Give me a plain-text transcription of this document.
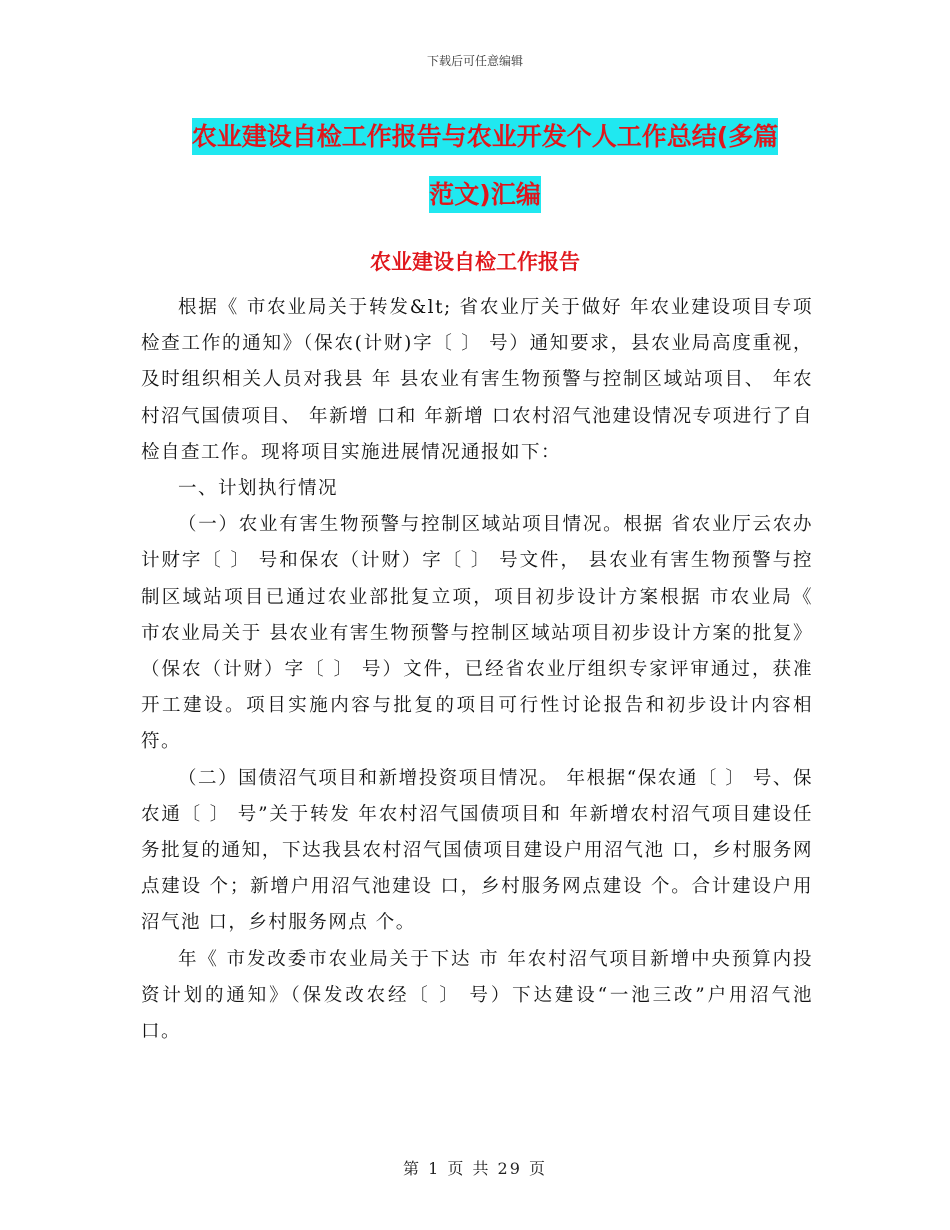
下载后可任意编辑
农业建设自检工作报告与农业开发个人工作总结(多篇
范文)汇编
农业建设自检工作报告

根据《 市农业局关于转发&lt; 省农业厅关于做好 年农业建设项目专项检查工作的通知》（保农(计财)字〔 〕 号）通知要求，县农业局高度重视，及时组织相关人员对我县 年 县农业有害生物预警与控制区域站项目、 年农村沼气国债项目、 年新增 口和 年新增 口农村沼气池建设情况专项进行了自检自查工作。现将项目实施进展情况通报如下：

一、计划执行情况

（一）农业有害生物预警与控制区域站项目情况。根据 省农业厅云农办计财字〔 〕 号和保农（计财）字〔 〕 号文件， 县农业有害生物预警与控制区域站项目已通过农业部批复立项，项目初步设计方案根据 市农业局《 市农业局关于 县农业有害生物预警与控制区域站项目初步设计方案的批复》（保农（计财）字〔 〕 号）文件，已经省农业厅组织专家评审通过，获准开工建设。项目实施内容与批复的项目可行性讨论报告和初步设计内容相符。

（二）国债沼气项目和新增投资项目情况。 年根据“保农通〔 〕 号、保农通〔 〕 号”关于转发 年农村沼气国债项目和 年新增农村沼气项目建设任务批复的通知，下达我县农村沼气国债项目建设户用沼气池 口，乡村服务网点建设 个；新增户用沼气池建设 口，乡村服务网点建设 个。合计建设户用沼气池 口，乡村服务网点 个。

年《 市发改委市农业局关于下达 市 年农村沼气项目新增中央预算内投资计划的通知》（保发改农经〔 〕 号）下达建设“一池三改”户用沼气池 口。

第 1 页 共 29 页
